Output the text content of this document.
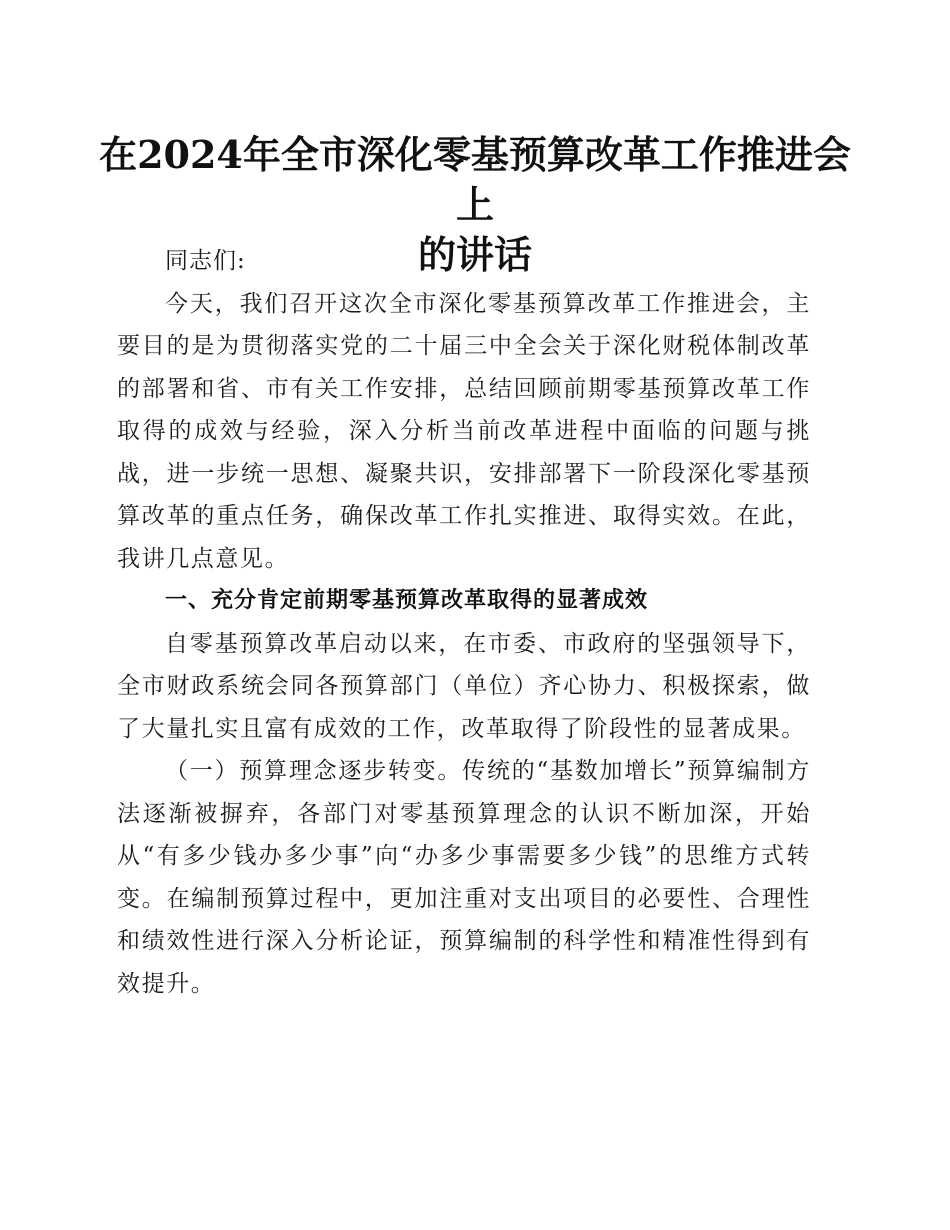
在2024年全市深化零基预算改革工作推进会上
的讲话

同志们:

今天，我们召开这次全市深化零基预算改革工作推进会，主要目的是为贯彻落实党的二十届三中全会关于深化财税体制改革的部署和省、市有关工作安排，总结回顾前期零基预算改革工作取得的成效与经验，深入分析当前改革进程中面临的问题与挑战，进一步统一思想、凝聚共识，安排部署下一阶段深化零基预算改革的重点任务，确保改革工作扎实推进、取得实效。在此，我讲几点意见。

一、充分肯定前期零基预算改革取得的显著成效

自零基预算改革启动以来，在市委、市政府的坚强领导下，全市财政系统会同各预算部门（单位）齐心协力、积极探索，做了大量扎实且富有成效的工作，改革取得了阶段性的显著成果。

（一）预算理念逐步转变。传统的“基数加增长”预算编制方法逐渐被摒弃，各部门对零基预算理念的认识不断加深，开始从“有多少钱办多少事”向“办多少事需要多少钱”的思维方式转变。在编制预算过程中，更加注重对支出项目的必要性、合理性和绩效性进行深入分析论证，预算编制的科学性和精准性得到有效提升。
